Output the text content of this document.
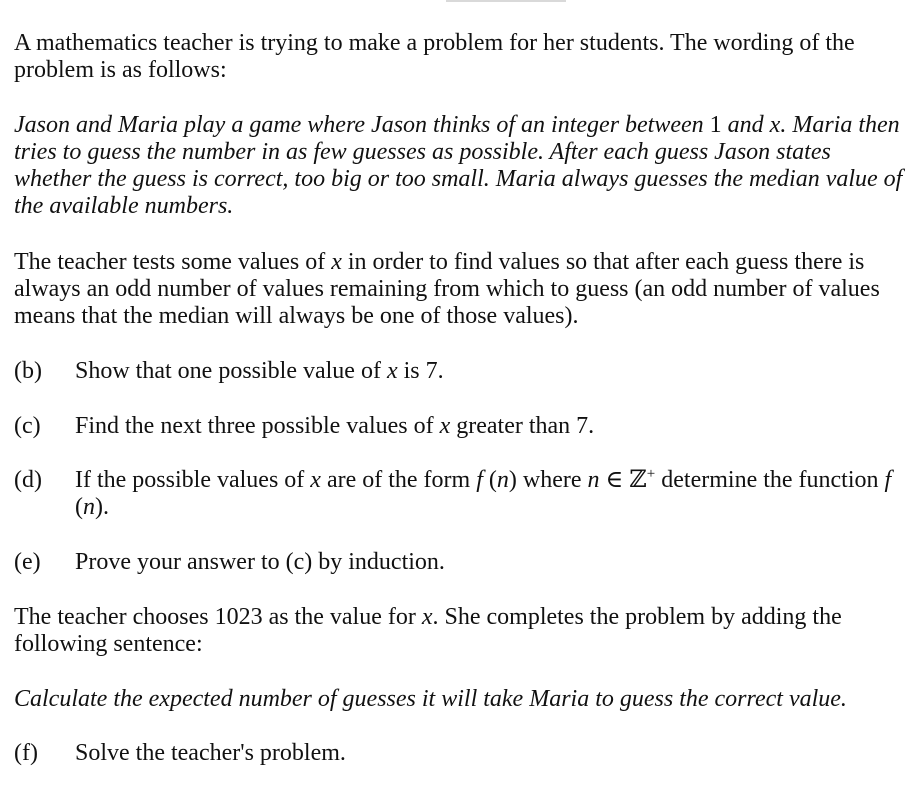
A mathematics teacher is trying to make a problem for her students. The wording of the problem is as follows:

Jason and Maria play a game where Jason thinks of an integer between 1 and x. Maria then tries to guess the number in as few guesses as possible. After each guess Jason states whether the guess is correct, too big or too small. Maria always guesses the median value of the available numbers.

The teacher tests some values of x in order to find values so that after each guess there is always an odd number of values remaining from which to guess (an odd number of values means that the median will always be one of those values).

(b)	Show that one possible value of x is 7.
(c)	Find the next three possible values of x greater than 7.
(d)	If the possible values of x are of the form f (n) where n ∈ ℤ+ determine the function f (n).
(e)	Prove your answer to (c) by induction.

The teacher chooses 1023 as the value for x. She completes the problem by adding the following sentence:

Calculate the expected number of guesses it will take Maria to guess the correct value.

(f)	Solve the teacher's problem.
